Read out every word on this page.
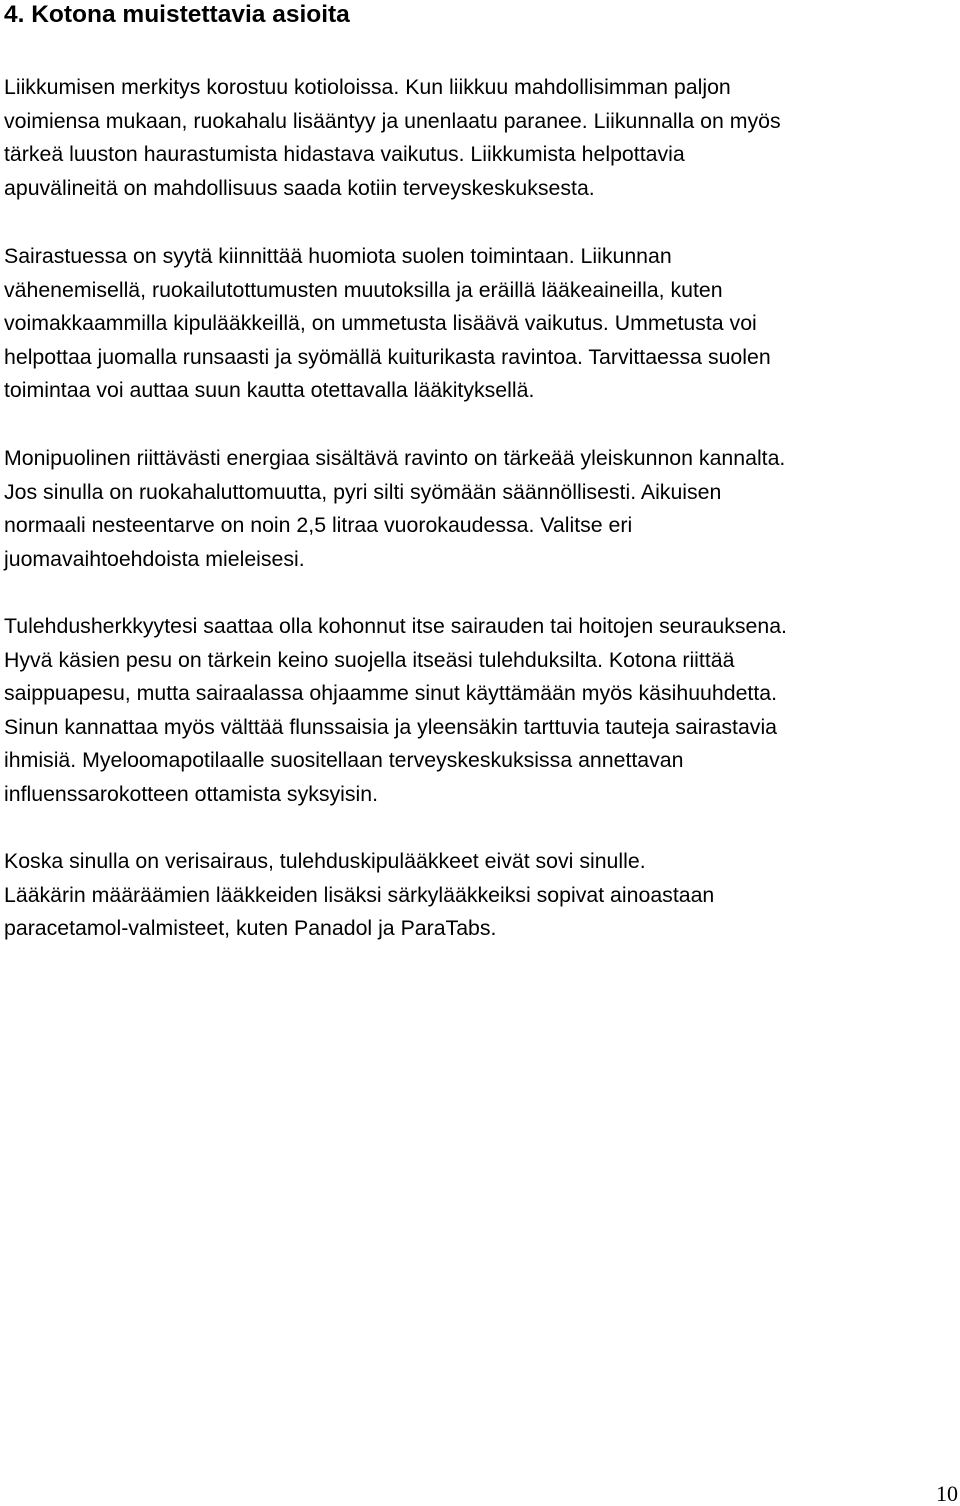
4. Kotona muistettavia asioita

Liikkumisen merkitys korostuu kotioloissa. Kun liikkuu mahdollisimman paljon
voimiensa mukaan, ruokahalu lisääntyy ja unenlaatu paranee. Liikunnalla on myös
tärkeä luuston haurastumista hidastava vaikutus. Liikkumista helpottavia
apuvälineitä on mahdollisuus saada kotiin terveyskeskuksesta.

Sairastuessa on syytä kiinnittää huomiota suolen toimintaan. Liikunnan
vähenemisellä, ruokailutottumusten muutoksilla ja eräillä lääkeaineilla, kuten
voimakkaammilla kipulääkkeillä, on ummetusta lisäävä vaikutus. Ummetusta voi
helpottaa juomalla runsaasti ja syömällä kuiturikasta ravintoa. Tarvittaessa suolen
toimintaa voi auttaa suun kautta otettavalla lääkityksellä.

Monipuolinen riittävästi energiaa sisältävä ravinto on tärkeää yleiskunnon kannalta.
Jos sinulla on ruokahaluttomuutta, pyri silti syömään säännöllisesti. Aikuisen
normaali nesteentarve on noin 2,5 litraa vuorokaudessa. Valitse eri
juomavaihtoehdoista mieleisesi.

Tulehdusherkkyytesi saattaa olla kohonnut itse sairauden tai hoitojen seurauksena.
Hyvä käsien pesu on tärkein keino suojella itseäsi tulehduksilta. Kotona riittää
saippuapesu, mutta sairaalassa ohjaamme sinut käyttämään myös käsihuuhdetta.
Sinun kannattaa myös välttää flunssaisia ja yleensäkin tarttuvia tauteja sairastavia
ihmisiä. Myeloomapotilaalle suositellaan terveyskeskuksissa annettavan
influenssarokotteen ottamista syksyisin.

Koska sinulla on verisairaus, tulehduskipulääkkeet eivät sovi sinulle.
Lääkärin määräämien lääkkeiden lisäksi särkylääkkeiksi sopivat ainoastaan
paracetamol-valmisteet, kuten Panadol ja ParaTabs.

10
